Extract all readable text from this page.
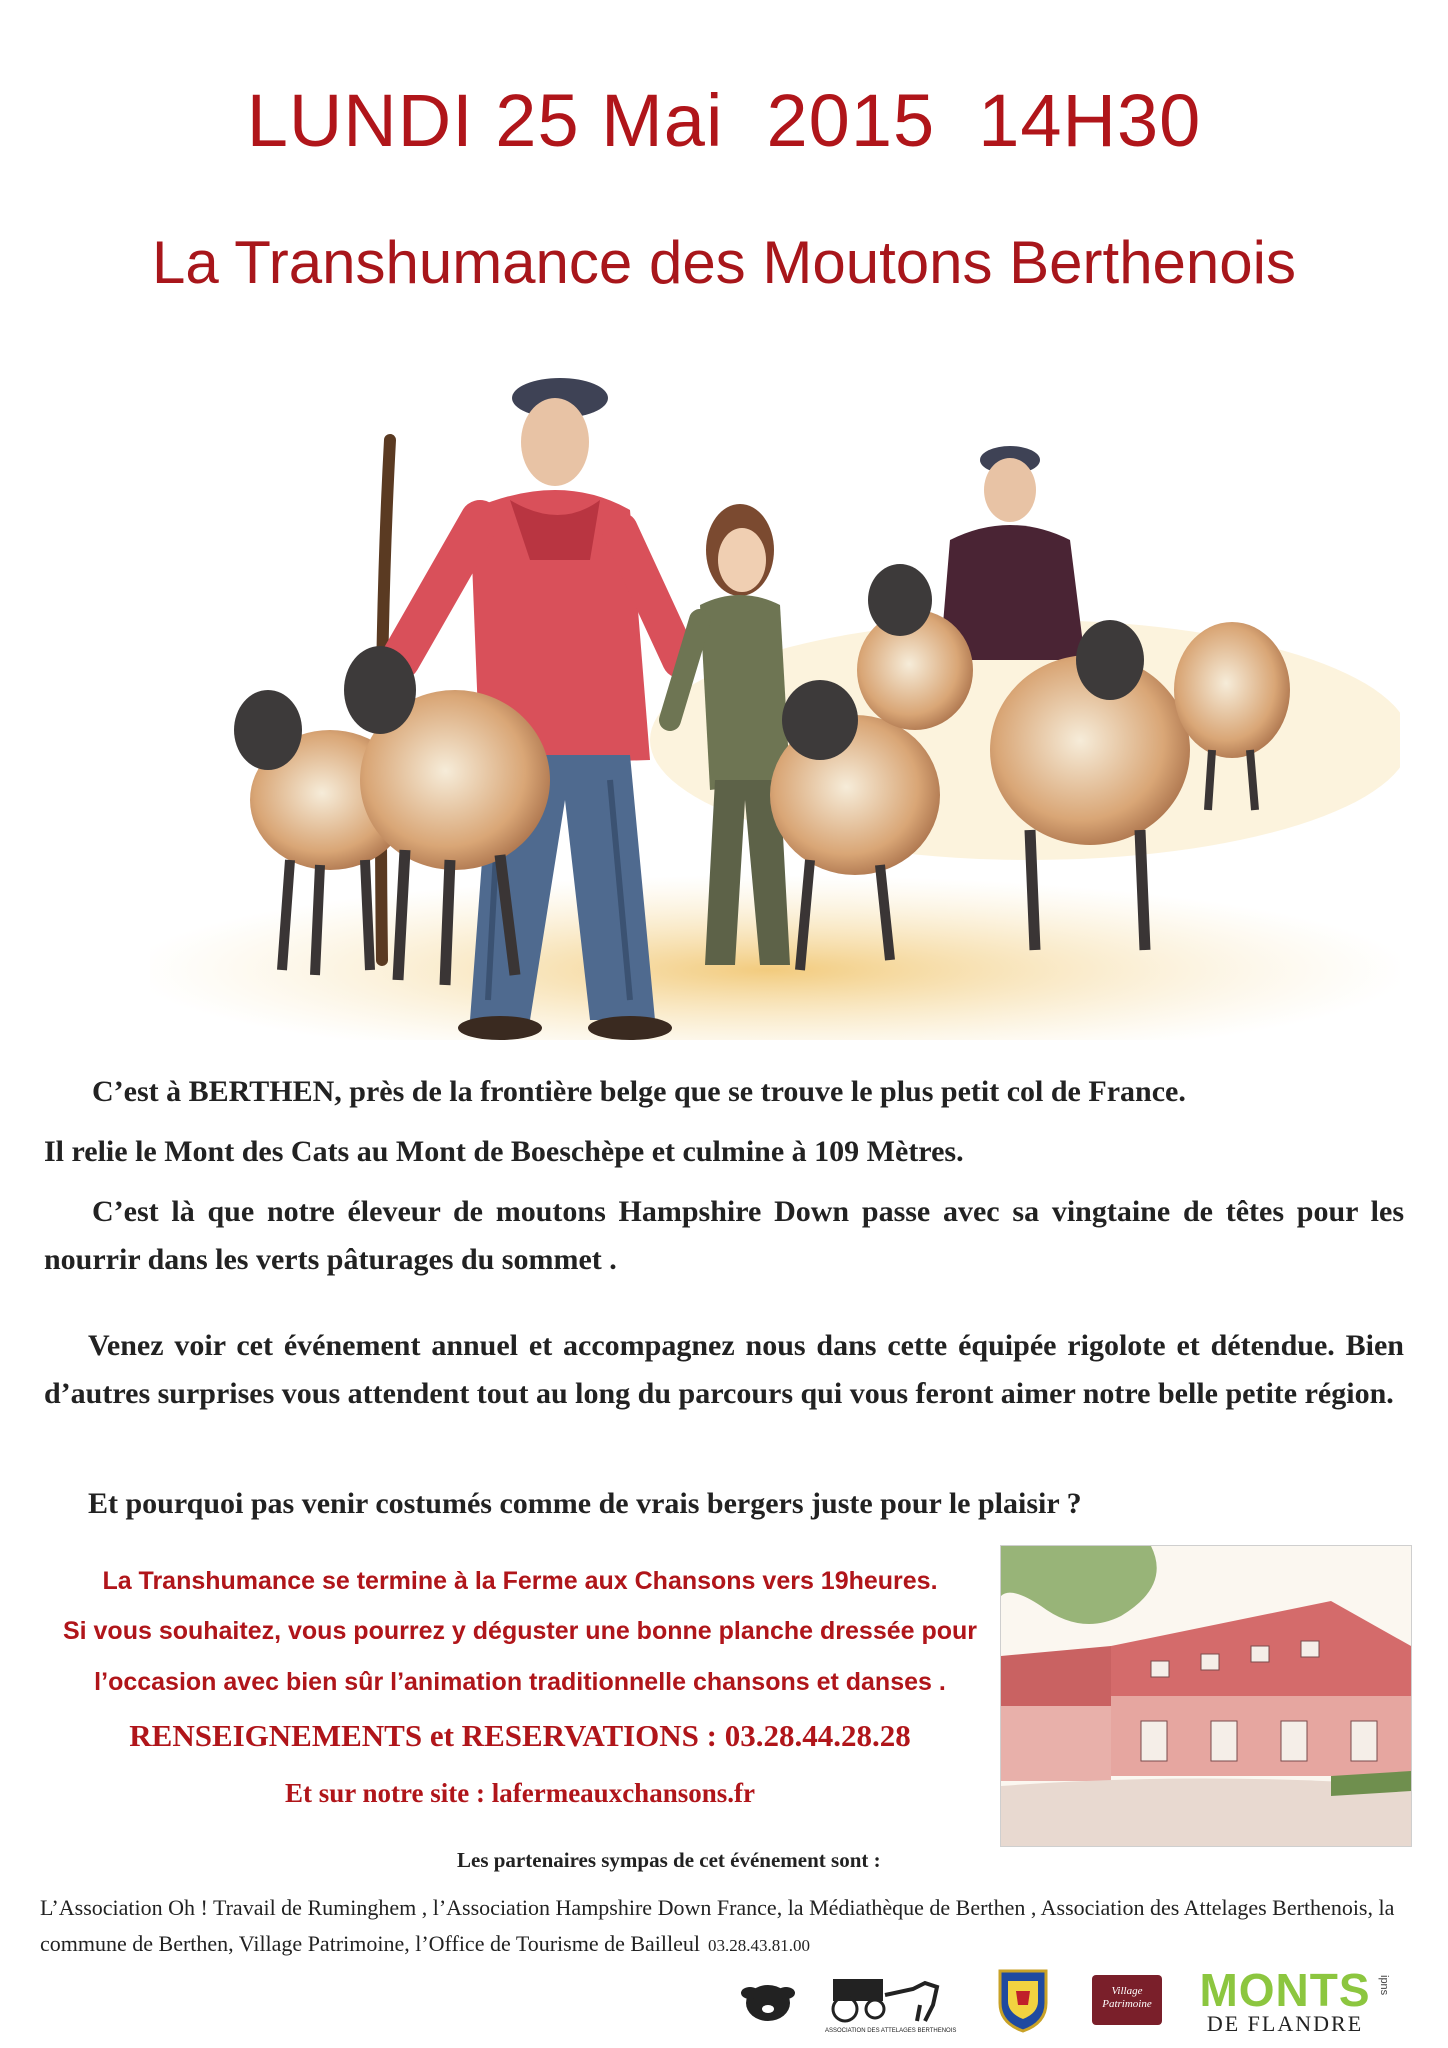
LUNDI 25 Mai  2015  14H30
La Transhumance des Moutons Berthenois
C’est à BERTHEN, près de la frontière belge que se trouve le plus petit col de France.
Il relie le Mont des Cats au Mont de Boeschèpe et culmine à 109 Mètres.
C’est là que notre éleveur de moutons Hampshire Down passe avec sa vingtaine de têtes pour les nourrir dans les verts pâturages du sommet .
Venez voir cet événement annuel et accompagnez nous dans cette équipée rigolote et détendue. Bien d’autres surprises vous attendent tout au long du parcours qui vous feront aimer notre belle petite région.
Et pourquoi pas venir costumés comme de vrais bergers juste pour le plaisir ?
La Transhumance se termine à la Ferme aux Chansons vers 19heures.
Si vous souhaitez, vous pourrez y déguster une bonne planche dressée pour
l’occasion avec bien sûr l’animation traditionnelle chansons et danses .
RENSEIGNEMENTS et RESERVATIONS : 03.28.44.28.28
Et sur notre site : lafermeauxchansons.fr
Les partenaires sympas de cet événement sont :
L’Association Oh ! Travail de Ruminghem , l’Association Hampshire Down France, la Médiathèque de Berthen , Association des Attelages Berthenois, la commune de Berthen, Village Patrimoine, l’Office de Tourisme de Bailleul 03.28.43.81.00
ASSOCIATION DES ATTELAGES BERTHENOIS
Village Patrimoine MONTS
DE FLANDRE
ipns
